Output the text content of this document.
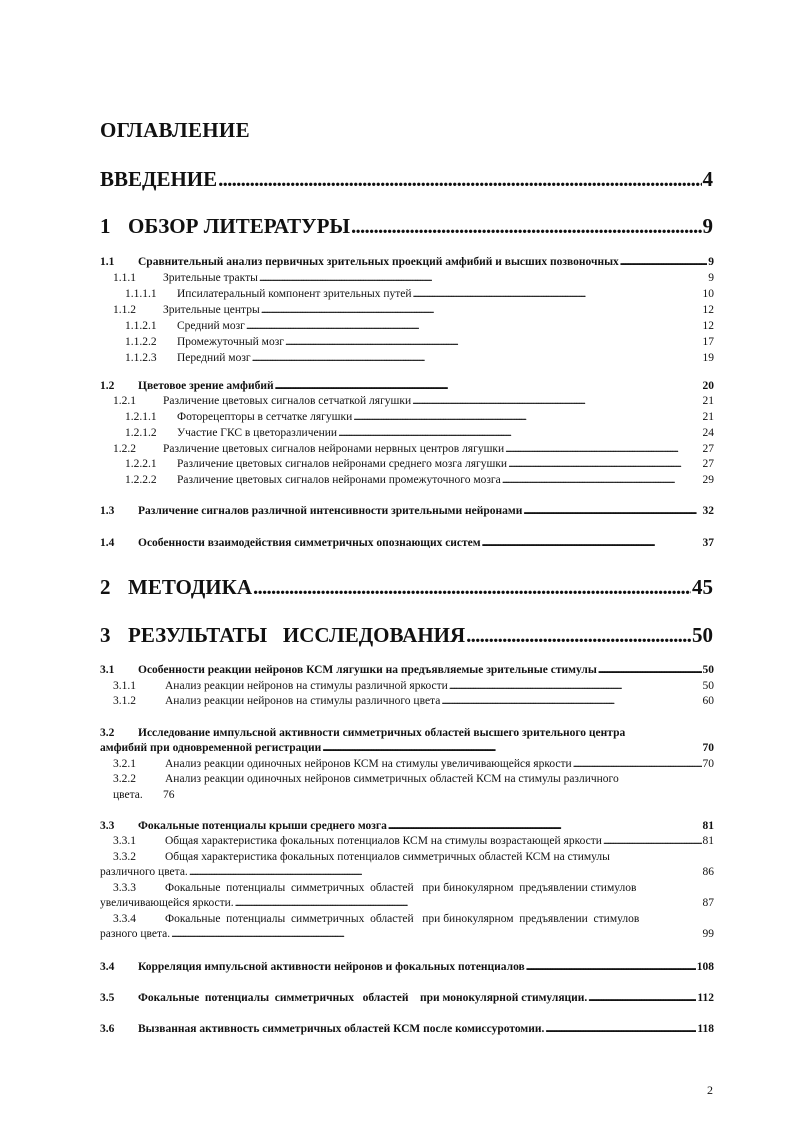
ОГЛАВЛЕНИЕ
ВВЕДЕНИЕ . . .	4
1 ОБЗОР ЛИТЕРАТУРЫ . . .	9
1.1 Сравнительный анализ первичных зрительных проекций амфибий и высших позвоночных . . .	9
1.1.1 Зрительные тракты . . .	9
1.1.1.1 Ипсилатеральный компонент зрительных путей . . .	10
1.1.2 Зрительные центры . . .	12
1.1.2.1 Средний мозг . . .	12
1.1.2.2 Промежуточный мозг . . .	17
1.1.2.3 Передний мозг . . .	19
1.2 Цветовое зрение амфибий . . .	20
1.2.1 Различение цветовых сигналов сетчаткой лягушки . . .	21
1.2.1.1 Фоторецепторы в сетчатке лягушки . . .	21
1.2.1.2 Участие ГКС в цветоразличении . . .	24
1.2.2 Различение цветовых сигналов нейронами нервных центров лягушки . . .	27
1.2.2.1 Различение цветовых сигналов нейронами среднего мозга лягушки . . .	27
1.2.2.2 Различение цветовых сигналов нейронами промежуточного мозга . . .	29
1.3 Различение сигналов различной интенсивности зрительными нейронами . . .	32
1.4 Особенности взаимодействия симметричных опознающих систем . . .	37
2 МЕТОДИКА . . .	45
3 РЕЗУЛЬТАТЫ   ИССЛЕДОВАНИЯ . . .	50
3.1 Особенности реакции нейронов КСМ лягушки на предъявляемые зрительные стимулы . . .	50
3.1.1	Анализ реакции нейронов на стимулы различной яркости . . .	50
3.1.2	Анализ реакции нейронов на стимулы различного цвета . . .	60
3.2 Исследование импульсной активности симметричных областей высшего зрительного центра
амфибий при одновременной регистрации . . .	70
3.2.1	Анализ реакции одиночных нейронов КСМ на стимулы увеличивающейся яркости . . .	70
3.2.2	Анализ реакции одиночных нейронов симметричных областей КСМ на стимулы различного
цвета. 76
3.3 Фокальные потенциалы крыши среднего мозга . . .	81
3.3.1	Общая характеристика фокальных потенциалов КСМ на стимулы возрастающей яркости . . .	81
3.3.2	Общая характеристика фокальных потенциалов симметричных областей КСМ на стимулы
различного цвета. . . .	86
3.3.3	Фокальные  потенциалы  симметричных  областей   при бинокулярном  предъявлении стимулов
увеличивающейся яркости. . . .	87
3.3.4	Фокальные  потенциалы  симметричных  областей   при бинокулярном  предъявлении  стимулов
разного цвета. . . .	99
3.4 Корреляция импульсной активности нейронов и фокальных потенциалов . . .	108
3.5 Фокальные  потенциалы  симметричных   областей    при монокулярной стимуляции. . . .	112
3.6 Вызванная активность симметричных областей КСМ после комиссуротомии. . . .	118
2
